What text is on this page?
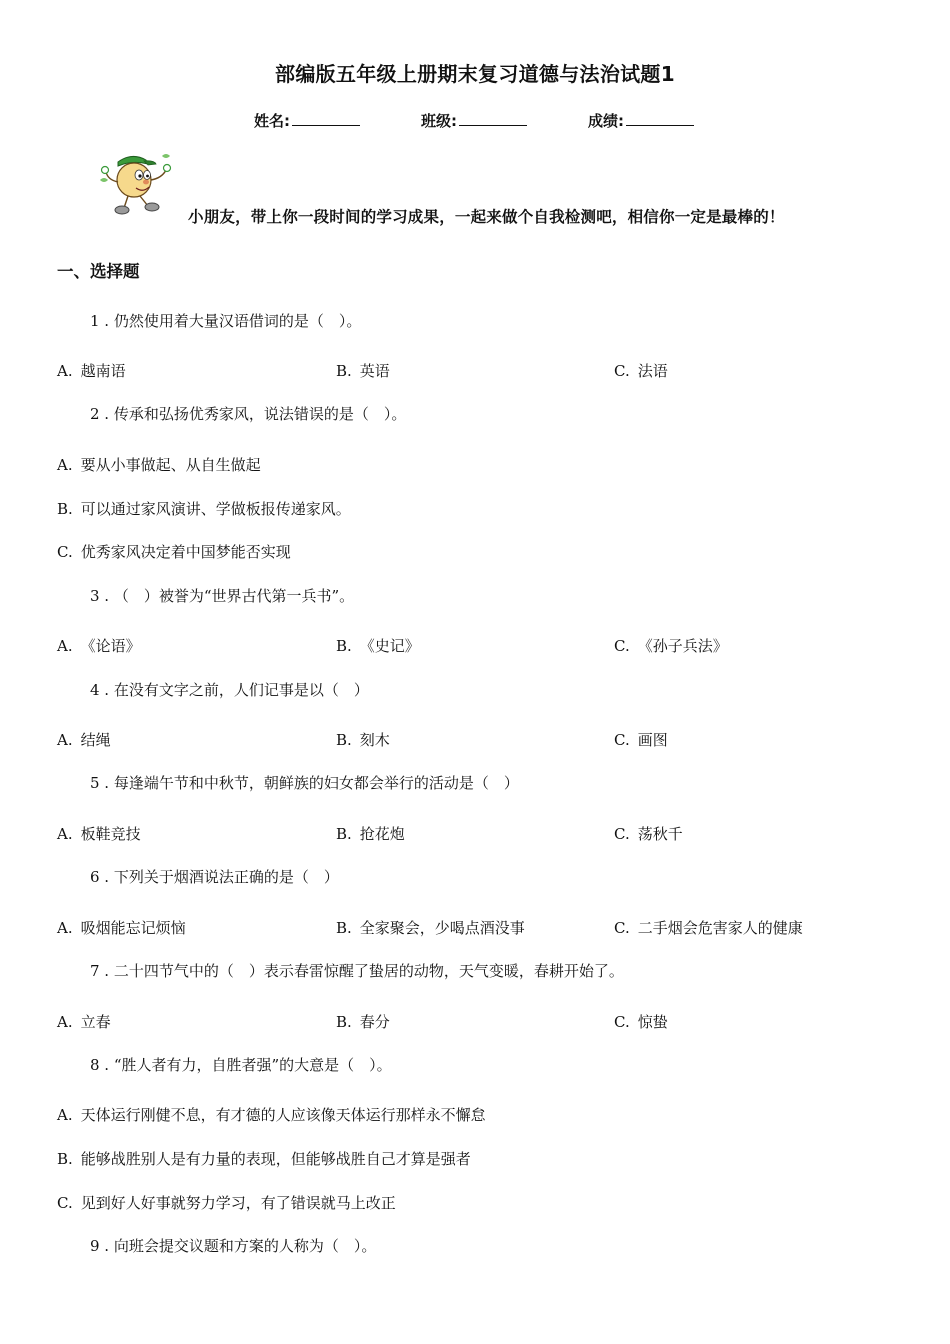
部编版五年级上册期末复习道德与法治试题1
姓名:	班级:	成绩:
小朋友，带上你一段时间的学习成果，一起来做个自我检测吧，相信你一定是最棒的！
一、选择题
1 . 仍然使用着大量汉语借词的是（　）。
A. 越南语	B. 英语	C. 法语
2 . 传承和弘扬优秀家风，说法错误的是（　）。
A. 要从小事做起、从自生做起
B. 可以通过家风演讲、学做板报传递家风。
C. 优秀家风决定着中国梦能否实现
3 . （　）被誉为“世界古代第一兵书”。
A. 《论语》	B. 《史记》	C. 《孙子兵法》
4 . 在没有文字之前，人们记事是以（　）
A. 结绳	B. 刻木	C. 画图
5 . 每逢端午节和中秋节，朝鲜族的妇女都会举行的活动是（　）
A. 板鞋竞技	B. 抢花炮	C. 荡秋千
6 . 下列关于烟酒说法正确的是（　）
A. 吸烟能忘记烦恼	B. 全家聚会，少喝点酒没事	C. 二手烟会危害家人的健康
7 . 二十四节气中的（　）表示春雷惊醒了蛰居的动物，天气变暖，春耕开始了。
A. 立春	B. 春分	C. 惊蛰
8 . “胜人者有力，自胜者强”的大意是（　）。
A. 天体运行刚健不息，有才德的人应该像天体运行那样永不懈怠
B. 能够战胜别人是有力量的表现，但能够战胜自己才算是强者
C. 见到好人好事就努力学习，有了错误就马上改正
9 . 向班会提交议题和方案的人称为（　）。
